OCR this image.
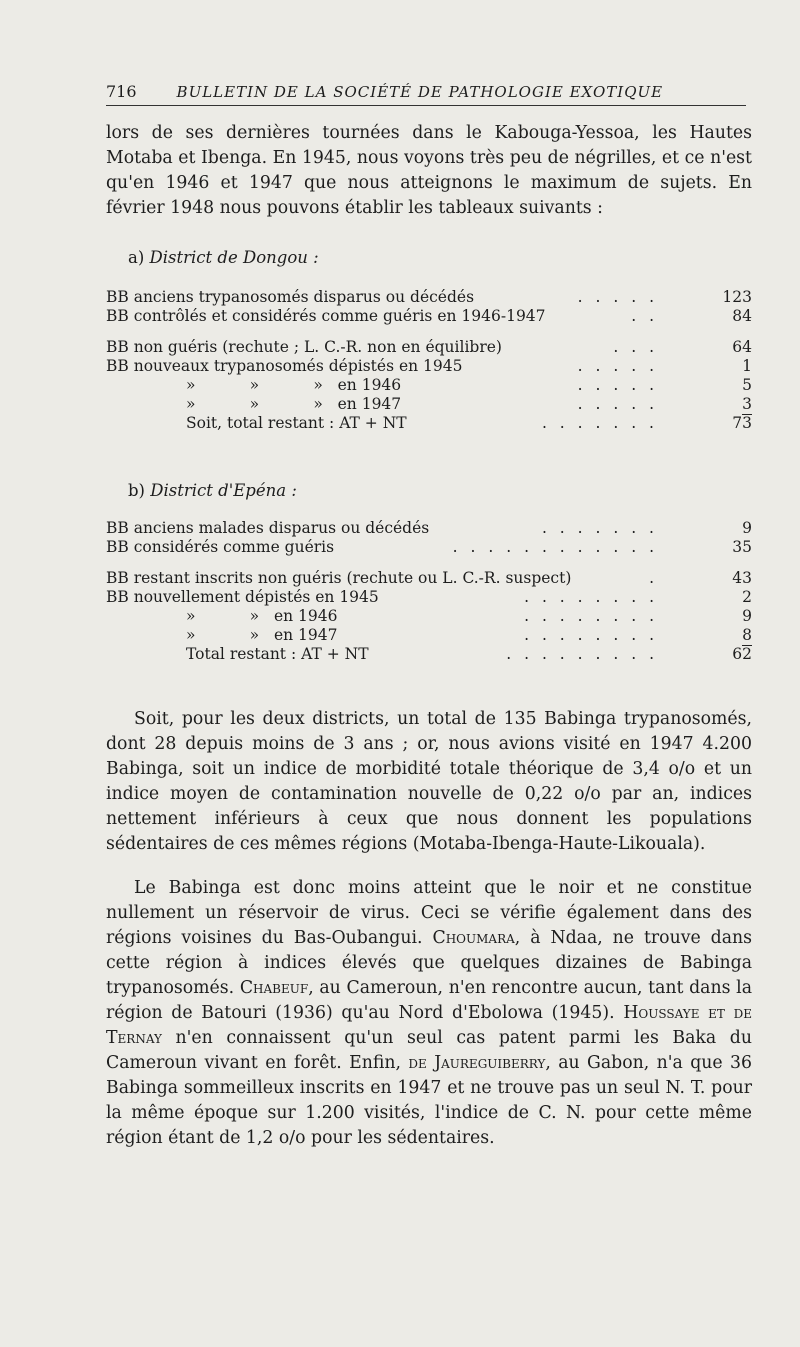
716	BULLETIN DE LA SOCIÉTÉ DE PATHOLOGIE EXOTIQUE

lors de ses dernières tournées dans le Kabouga-Yessoa, les Hautes Motaba et Ibenga. En 1945, nous voyons très peu de négrilles, et ce n'est qu'en 1946 et 1947 que nous atteignons le maximum de sujets. En février 1948 nous pouvons établir les tableaux suivants :

a) District de Dongou :
BB anciens trypanosomés disparus ou décédés	. . . . .	123
BB contrôlés et considérés comme guéris en 1946-1947	. .	84
BB non guéris (rechute ; L. C.-R. non en équilibre)	. . .	64
BB nouveaux trypanosomés dépistés en 1945	. . . . .	1
»           »           »   en 1946	. . . . .	5
»           »           »   en 1947	. . . . .	3
Soit, total restant : AT + NT	. . . . . . .	73
b) District d'Epéna :
BB anciens malades disparus ou décédés	. . . . . . .	9
BB considérés comme guéris	. . . . . . . . . . . .	35
BB restant inscrits non guéris (rechute ou L. C.-R. suspect)	.	43
BB nouvellement dépistés en 1945	. . . . . . . .	2
»           »   en 1946	. . . . . . . .	9
»           »   en 1947	. . . . . . . .	8
Total restant : AT + NT	. . . . . . . . .	62

Soit, pour les deux districts, un total de 135 Babinga trypanosomés, dont 28 depuis moins de 3 ans ; or, nous avions visité en 1947 4.200 Babinga, soit un indice de morbidité totale théorique de 3,4 o/o et un indice moyen de contamination nouvelle de 0,22 o/o par an, indices nettement inférieurs à ceux que nous donnent les populations sédentaires de ces mêmes régions (Motaba-Ibenga-Haute-Likouala).

Le Babinga est donc moins atteint que le noir et ne constitue nullement un réservoir de virus. Ceci se vérifie également dans des régions voisines du Bas-Oubangui. Choumara, à Ndaa, ne trouve dans cette région à indices élevés que quelques dizaines de Babinga trypanosomés. Chabeuf, au Cameroun, n'en rencontre aucun, tant dans la région de Batouri (1936) qu'au Nord d'Ebolowa (1945). Houssaye et de Ternay n'en connaissent qu'un seul cas patent parmi les Baka du Cameroun vivant en forêt. Enfin, de Jaureguiberry, au Gabon, n'a que 36 Babinga sommeilleux inscrits en 1947 et ne trouve pas un seul N. T. pour la même époque sur 1.200 visités, l'indice de C. N. pour cette même région étant de 1,2 o/o pour les sédentaires.
